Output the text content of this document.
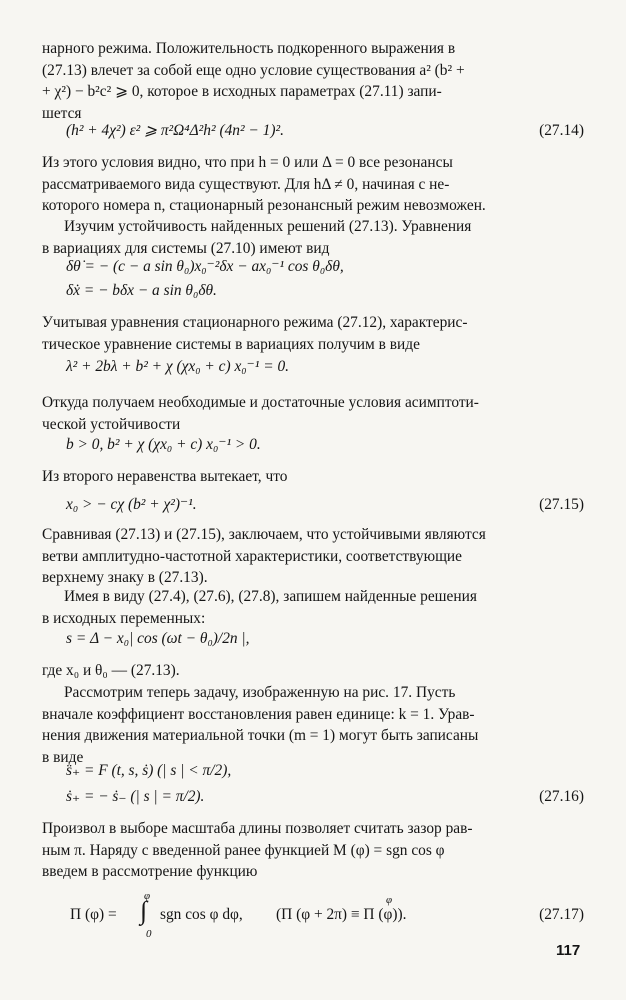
нарного режима. Положительность подкоренного выражения в
(27.13) влечет за собой еще одно условие существования a² (b² +
+ χ²) − b²c² ⩾ 0, которое в исходных параметрах (27.11) запи-
шется
(h² + 4χ²) ε² ⩾ π²Ω⁴Δ²h² (4n² − 1)².	(27.14)
Из этого условия видно, что при h = 0 или Δ = 0 все резонансы
рассматриваемого вида существуют. Для hΔ ≠ 0, начиная с не-
которого номера n, стационарный резонансный режим невозможен.
Изучим устойчивость найденных решений (27.13). Уравнения
в вариациях для системы (27.10) имеют вид
δθ̇ = − (c − a sin θ₀)x₀⁻²δx − ax₀⁻¹ cos θ₀δθ,
δẋ = − bδx − a sin θ₀δθ.
Учитывая уравнения стационарного режима (27.12), характерис-
тическое уравнение системы в вариациях получим в виде
λ² + 2bλ + b² + χ (χx₀ + c) x₀⁻¹ = 0.
Откуда получаем необходимые и достаточные условия асимптоти-
ческой устойчивости
b > 0, b² + χ (χx₀ + c) x₀⁻¹ > 0.
Из второго неравенства вытекает, что
x₀ > − cχ (b² + χ²)⁻¹.	(27.15)
Сравнивая (27.13) и (27.15), заключаем, что устойчивыми являются
ветви амплитудно-частотной характеристики, соответствующие
верхнему знаку в (27.13).
Имея в виду (27.4), (27.6), (27.8), запишем найденные решения
в исходных переменных:
s = Δ − x₀| cos (ωt − θ₀)/2n |,
где x₀ и θ₀ — (27.13).
Рассмотрим теперь задачу, изображенную на рис. 17. Пусть
вначале коэффициент восстановления равен единице: k = 1. Урав-
нения движения материальной точки (m = 1) могут быть записаны
в виде
s̈₊ = F (t, s, ṡ) (| s | < π/2),
ṡ₊ = − ṡ₋ (| s | = π/2).	(27.16)
Произвол в выборе масштаба длины позволяет считать зазор рав-
ным π. Наряду с введенной ранее функцией M (φ) = sgn cos φ
введем в рассмотрение функцию
Π (φ) = ∫
φ
0
sgn cos φ dφ, (Π (φ + 2π) ≡ Π (φ)).
φ
(27.17)
117
